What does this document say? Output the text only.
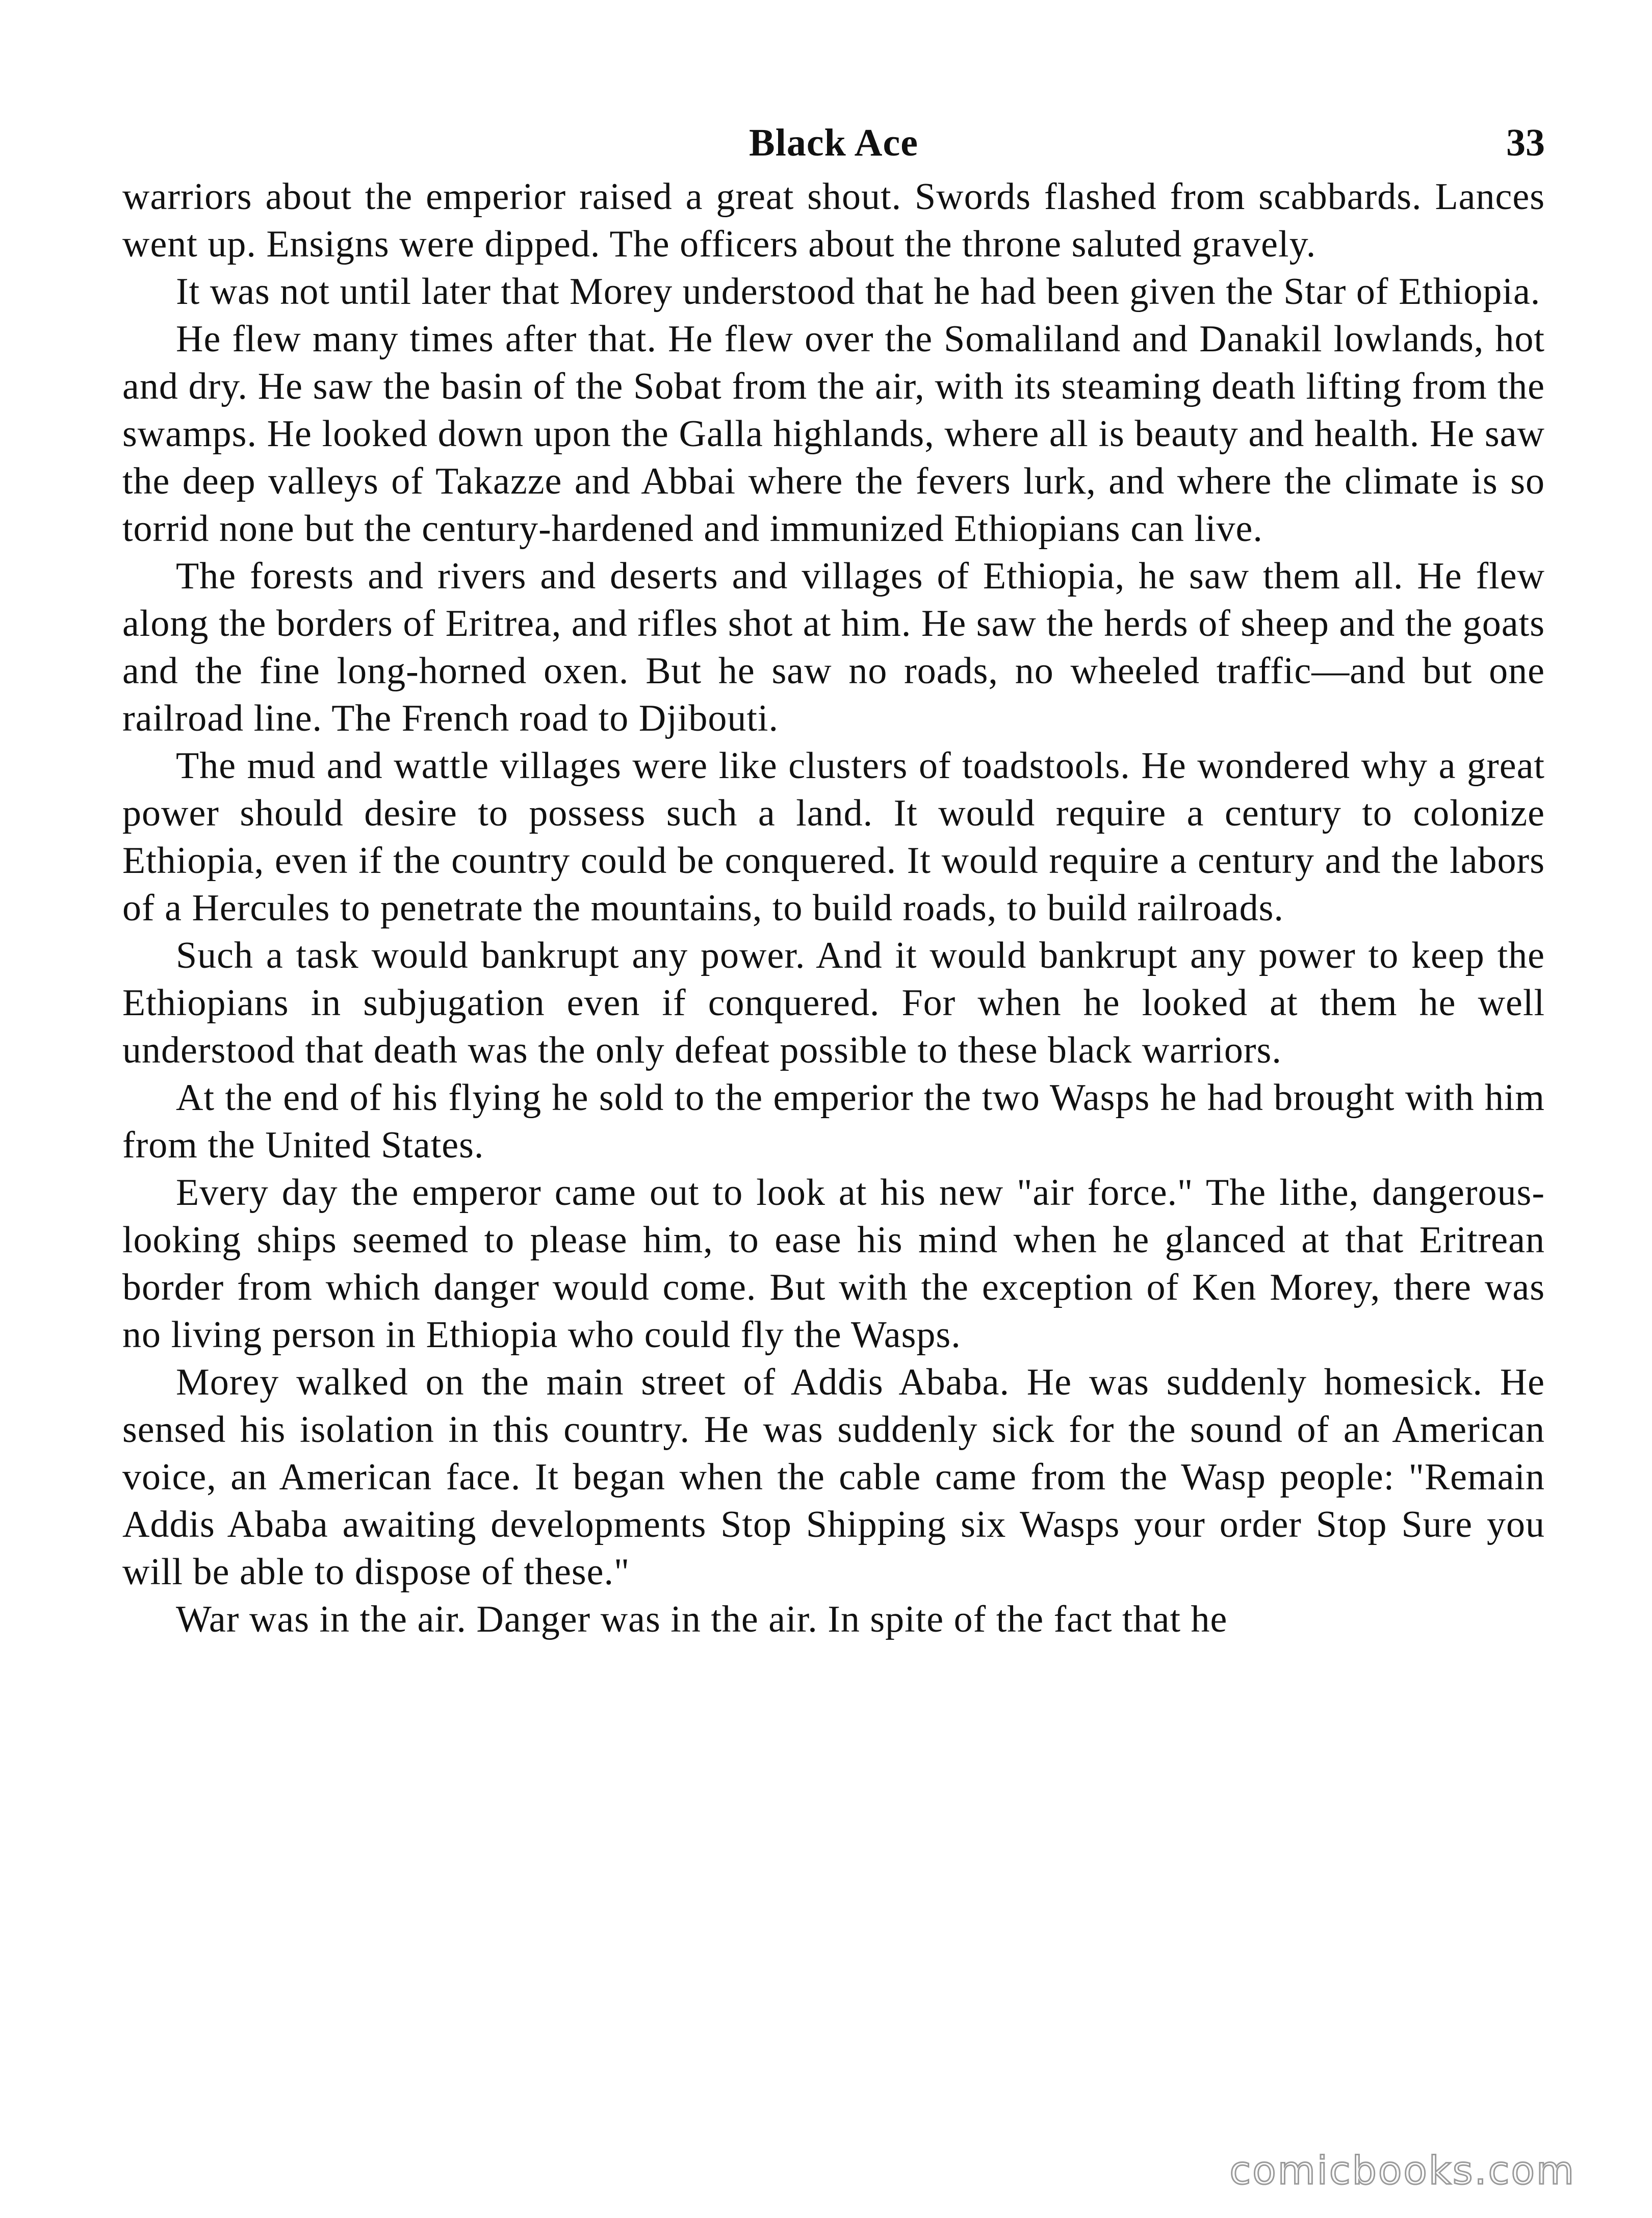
Black Ace	33

warriors about the emperior raised a great shout. Swords flashed from scabbards. Lances went up. Ensigns were dipped. The officers about the throne saluted gravely.

It was not until later that Morey understood that he had been given the Star of Ethiopia.

He flew many times after that. He flew over the Somaliland and Danakil lowlands, hot and dry. He saw the basin of the Sobat from the air, with its steaming death lifting from the swamps. He looked down upon the Galla highlands, where all is beauty and health. He saw the deep valleys of Takazze and Abbai where the fevers lurk, and where the climate is so torrid none but the century-hardened and immunized Ethiopians can live.

The forests and rivers and deserts and villages of Ethiopia, he saw them all. He flew along the borders of Eritrea, and rifles shot at him. He saw the herds of sheep and the goats and the fine long-horned oxen. But he saw no roads, no wheeled traffic—and but one railroad line. The French road to Djibouti.

The mud and wattle villages were like clusters of toadstools. He wondered why a great power should desire to possess such a land. It would require a century to colonize Ethiopia, even if the country could be conquered. It would require a century and the labors of a Hercules to penetrate the mountains, to build roads, to build railroads.

Such a task would bankrupt any power. And it would bankrupt any power to keep the Ethiopians in subjugation even if conquered. For when he looked at them he well understood that death was the only defeat possible to these black warriors.

At the end of his flying he sold to the emperior the two Wasps he had brought with him from the United States.

Every day the emperor came out to look at his new "air force." The lithe, dangerous-looking ships seemed to please him, to ease his mind when he glanced at that Eritrean border from which danger would come. But with the exception of Ken Morey, there was no living person in Ethiopia who could fly the Wasps.

Morey walked on the main street of Addis Ababa. He was suddenly homesick. He sensed his isolation in this country. He was suddenly sick for the sound of an American voice, an American face. It began when the cable came from the Wasp people: "Remain Addis Ababa awaiting developments Stop Shipping six Wasps your order Stop Sure you will be able to dispose of these."

War was in the air. Danger was in the air. In spite of the fact that he

comicbooks.com
